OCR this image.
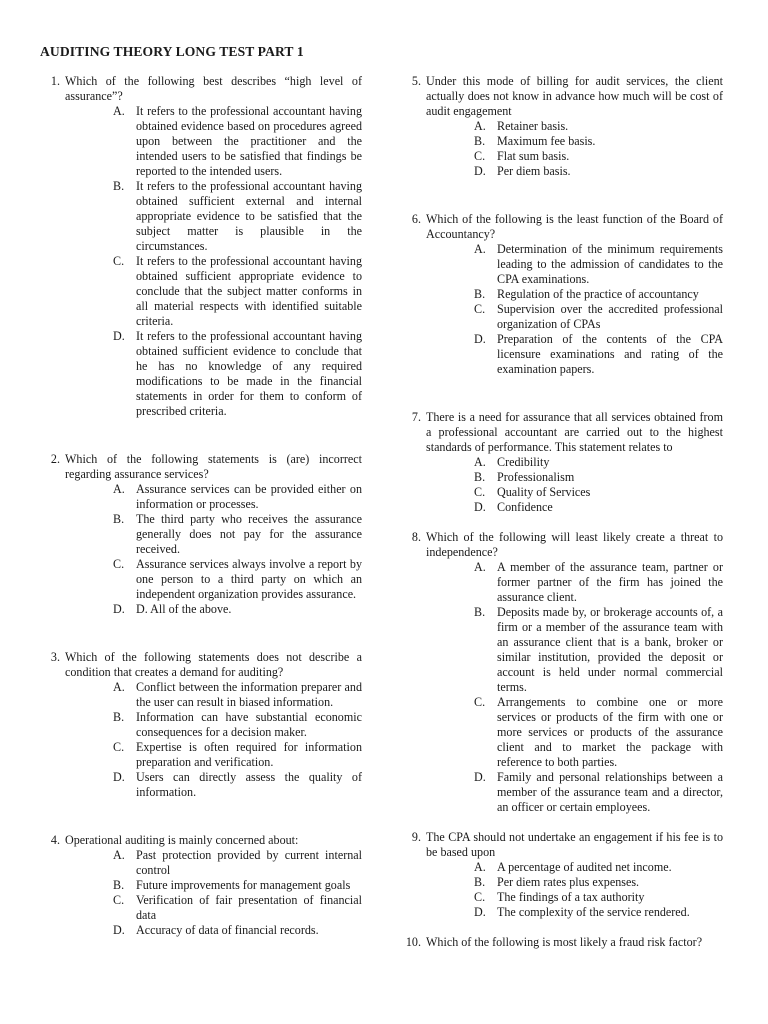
AUDITING THEORY LONG TEST PART 1
1. Which of the following best describes “high level of assurance”?
A. It refers to the professional accountant having obtained evidence based on procedures agreed upon between the practitioner and the intended users to be satisfied that findings be reported to the intended users.
B. It refers to the professional accountant having obtained sufficient external and internal appropriate evidence to be satisfied that the subject matter is plausible in the circumstances.
C. It refers to the professional accountant having obtained sufficient appropriate evidence to conclude that the subject matter conforms in all material respects with identified suitable criteria.
D. It refers to the professional accountant having obtained sufficient evidence to conclude that he has no knowledge of any required modifications to be made in the financial statements in order for them to conform of prescribed criteria.
2. Which of the following statements is (are) incorrect regarding assurance services?
A. Assurance services can be provided either on information or processes.
B. The third party who receives the assurance generally does not pay for the assurance received.
C. Assurance services always involve a report by one person to a third party on which an independent organization provides assurance.
D. D. All of the above.
3. Which of the following statements does not describe a condition that creates a demand for auditing?
A. Conflict between the information preparer and the user can result in biased information.
B. Information can have substantial economic consequences for a decision maker.
C. Expertise is often required for information preparation and verification.
D. Users can directly assess the quality of information.
4. Operational auditing is mainly concerned about:
A. Past protection provided by current internal control
B. Future improvements for management goals
C. Verification of fair presentation of financial data
D. Accuracy of data of financial records.
5. Under this mode of billing for audit services, the client actually does not know in advance how much will be cost of audit engagement
A. Retainer basis.
B. Maximum fee basis.
C. Flat sum basis.
D. Per diem basis.
6. Which of the following is the least function of the Board of Accountancy?
A. Determination of the minimum requirements leading to the admission of candidates to the CPA examinations.
B. Regulation of the practice of accountancy
C. Supervision over the accredited professional organization of CPAs
D. Preparation of the contents of the CPA licensure examinations and rating of the examination papers.
7. There is a need for assurance that all services obtained from a professional accountant are carried out to the highest standards of performance. This statement relates to
A. Credibility
B. Professionalism
C. Quality of Services
D. Confidence
8. Which of the following will least likely create a threat to independence?
A. A member of the assurance team, partner or former partner of the firm has joined the assurance client.
B. Deposits made by, or brokerage accounts of, a firm or a member of the assurance team with an assurance client that is a bank, broker or similar institution, provided the deposit or account is held under normal commercial terms.
C. Arrangements to combine one or more services or products of the firm with one or more services or products of the assurance client and to market the package with reference to both parties.
D. Family and personal relationships between a member of the assurance team and a director, an officer or certain employees.
9. The CPA should not undertake an engagement if his fee is to be based upon
A. A percentage of audited net income.
B. Per diem rates plus expenses.
C. The findings of a tax authority
D. The complexity of the service rendered.
10. Which of the following is most likely a fraud risk factor?
